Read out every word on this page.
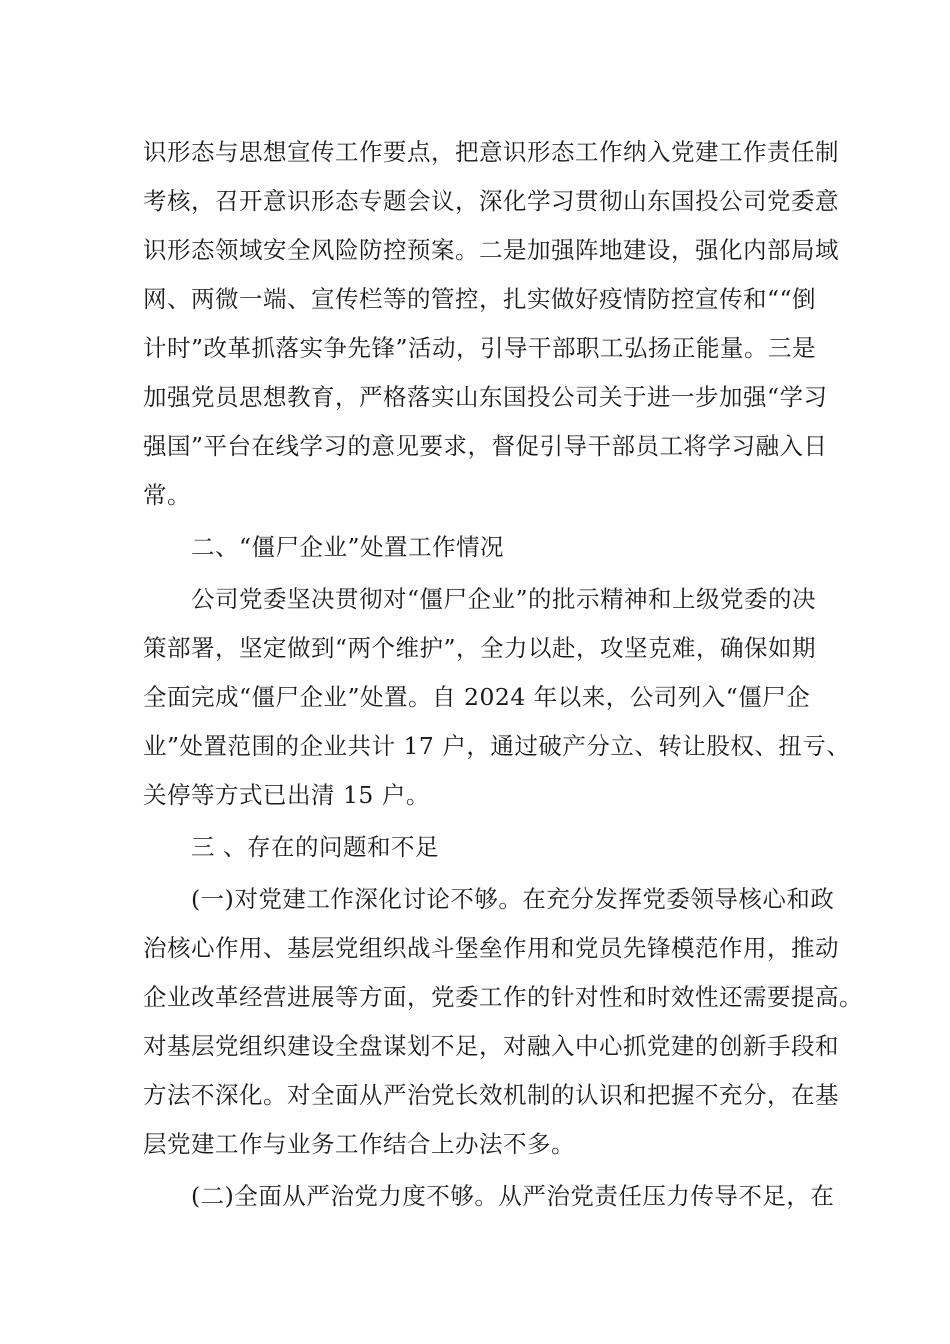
识形态与思想宣传工作要点，把意识形态工作纳入党建工作责任制
考核，召开意识形态专题会议，深化学习贯彻山东国投公司党委意
识形态领域安全风险防控预案。二是加强阵地建设，强化内部局域
网、两微一端、宣传栏等的管控，扎实做好疫情防控宣传和““倒
计时”改革抓落实争先锋”活动，引导干部职工弘扬正能量。三是
加强党员思想教育，严格落实山东国投公司关于进一步加强“学习
强国”平台在线学习的意见要求，督促引导干部员工将学习融入日
常。
二、“僵尸企业”处置工作情况
公司党委坚决贯彻对“僵尸企业”的批示精神和上级党委的决
策部署，坚定做到“两个维护”，全力以赴，攻坚克难，确保如期
全面完成“僵尸企业”处置。自 2024 年以来，公司列入“僵尸企
业”处置范围的企业共计 17 户，通过破产分立、转让股权、扭亏、
关停等方式已出清 15 户。
三 、存在的问题和不足
(一)对党建工作深化讨论不够。在充分发挥党委领导核心和政
治核心作用、基层党组织战斗堡垒作用和党员先锋模范作用，推动
企业改革经营进展等方面，党委工作的针对性和时效性还需要提高。
对基层党组织建设全盘谋划不足，对融入中心抓党建的创新手段和
方法不深化。对全面从严治党长效机制的认识和把握不充分，在基
层党建工作与业务工作结合上办法不多。
(二)全面从严治党力度不够。从严治党责任压力传导不足，在
